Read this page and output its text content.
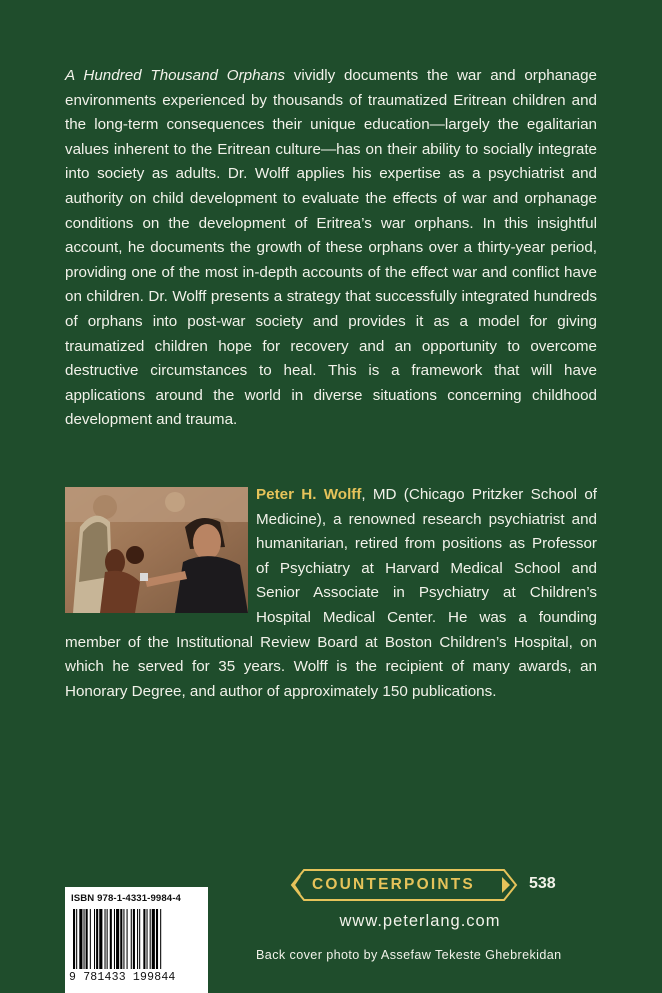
A Hundred Thousand Orphans vividly documents the war and orphanage environments experienced by thousands of traumatized Eritrean children and the long-term consequences their unique education—largely the egalitarian values inherent to the Eritrean culture—has on their ability to socially integrate into society as adults. Dr. Wolff applies his expertise as a psychiatrist and authority on child development to evaluate the effects of war and orphanage conditions on the development of Eritrea’s war orphans. In this insightful account, he documents the growth of these orphans over a thirty-year period, providing one of the most in-depth accounts of the effect war and conflict have on children. Dr. Wolff presents a strategy that successfully integrated hundreds of orphans into post-war society and provides it as a model for giving traumatized children hope for recovery and an opportunity to overcome destructive circumstances to heal. This is a framework that will have applications around the world in diverse situations concerning childhood development and trauma.
Peter H. Wolff, MD (Chicago Pritzker School of Medicine), a renowned research psychiatrist and humanitarian, retired from positions as Professor of Psychiatry at Harvard Medical School and Senior Associate in Psychiatry at Children’s Hospital Medical Center. He was a founding member of the Institutional Review Board at Boston Children’s Hospital, on which he served for 35 years. Wolff is the recipient of many awards, an Honorary Degree, and author of approximately 150 publications.
ISBN 978-1-4331-9984-4
9 781433 199844
COUNTERPOINTS	538
www.peterlang.com
Back cover photo by Assefaw Tekeste Ghebrekidan
